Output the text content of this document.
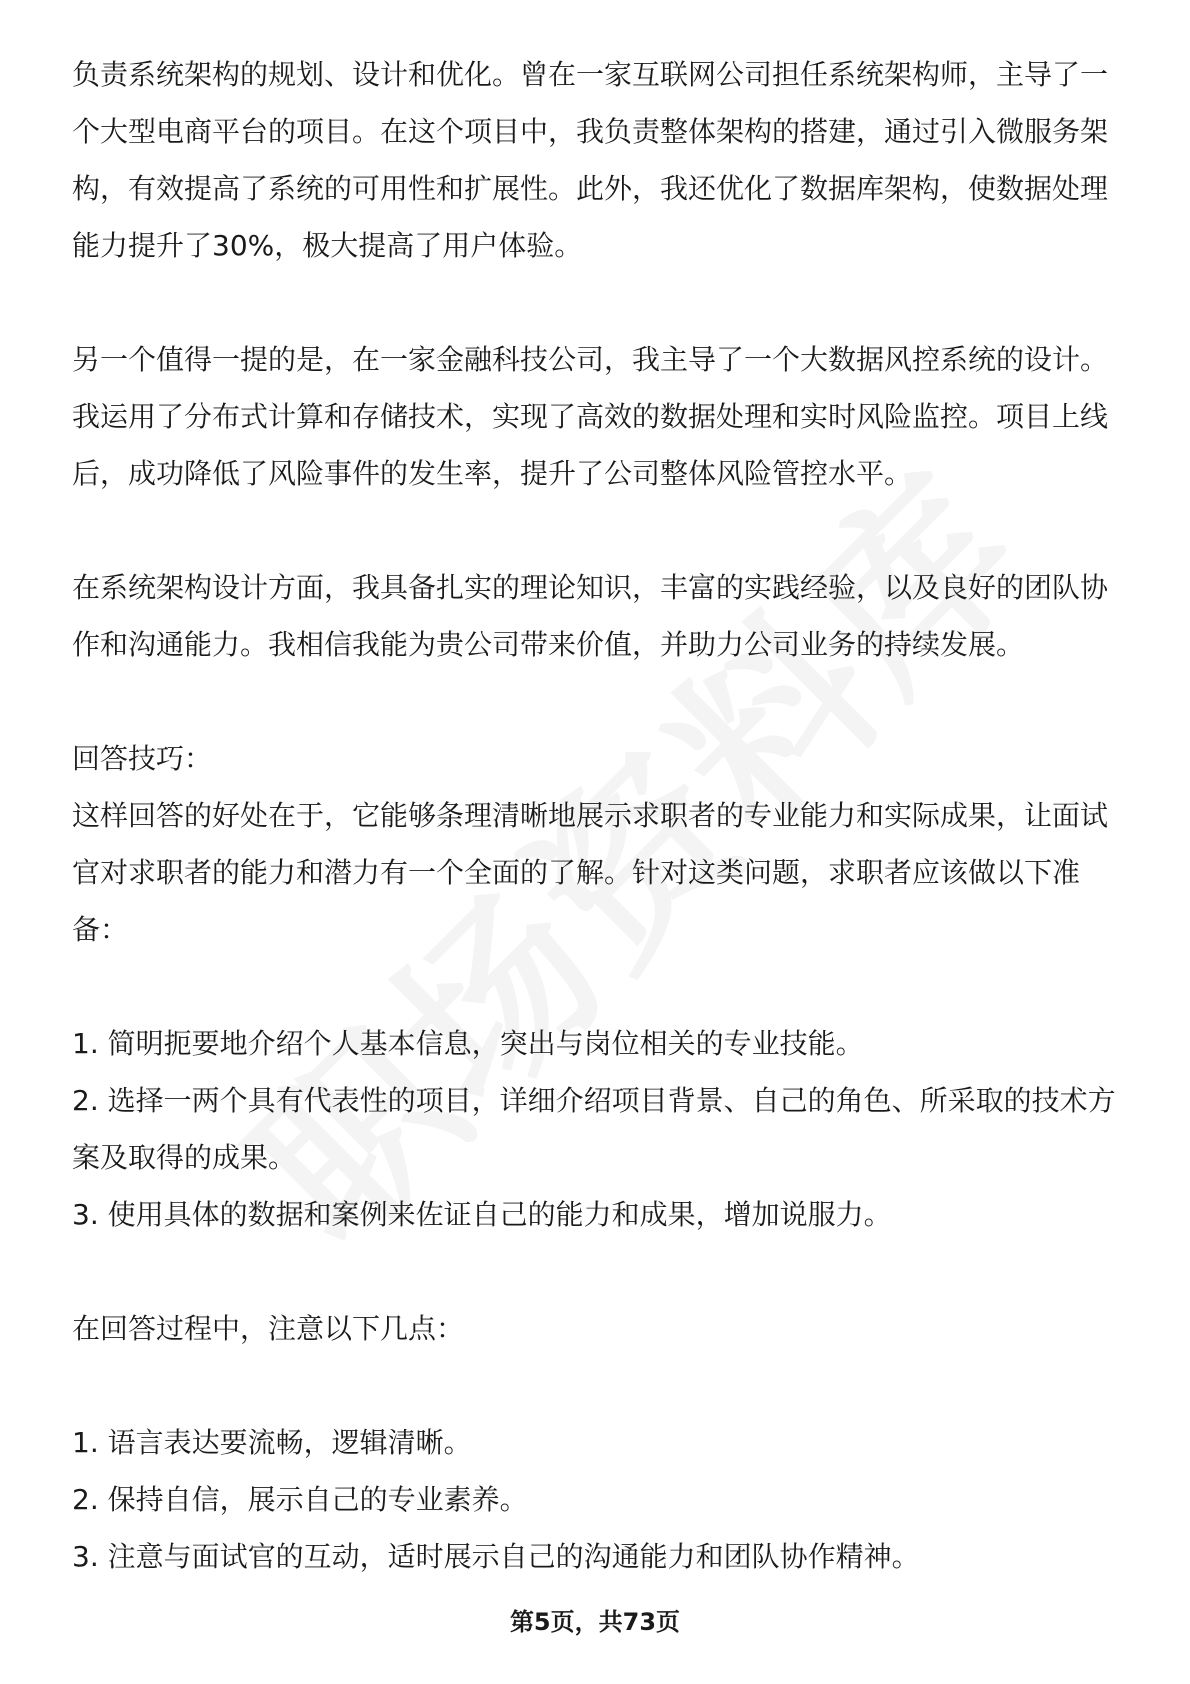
负责系统架构的规划、设计和优化。曾在一家互联网公司担任系统架构师，主导了一个大型电商平台的项目。在这个项目中，我负责整体架构的搭建，通过引入微服务架构，有效提高了系统的可用性和扩展性。此外，我还优化了数据库架构，使数据处理能力提升了30%，极大提高了用户体验。

另一个值得一提的是，在一家金融科技公司，我主导了一个大数据风控系统的设计。我运用了分布式计算和存储技术，实现了高效的数据处理和实时风险监控。项目上线后，成功降低了风险事件的发生率，提升了公司整体风险管控水平。

在系统架构设计方面，我具备扎实的理论知识，丰富的实践经验，以及良好的团队协作和沟通能力。我相信我能为贵公司带来价值，并助力公司业务的持续发展。

回答技巧：

这样回答的好处在于，它能够条理清晰地展示求职者的专业能力和实际成果，让面试官对求职者的能力和潜力有一个全面的了解。针对这类问题，求职者应该做以下准备：

1. 简明扼要地介绍个人基本信息，突出与岗位相关的专业技能。

2. 选择一两个具有代表性的项目，详细介绍项目背景、自己的角色、所采取的技术方案及取得的成果。

3. 使用具体的数据和案例来佐证自己的能力和成果，增加说服力。

在回答过程中，注意以下几点：

1. 语言表达要流畅，逻辑清晰。

2. 保持自信，展示自己的专业素养。

3. 注意与面试官的互动，适时展示自己的沟通能力和团队协作精神。

第5页，共73页
